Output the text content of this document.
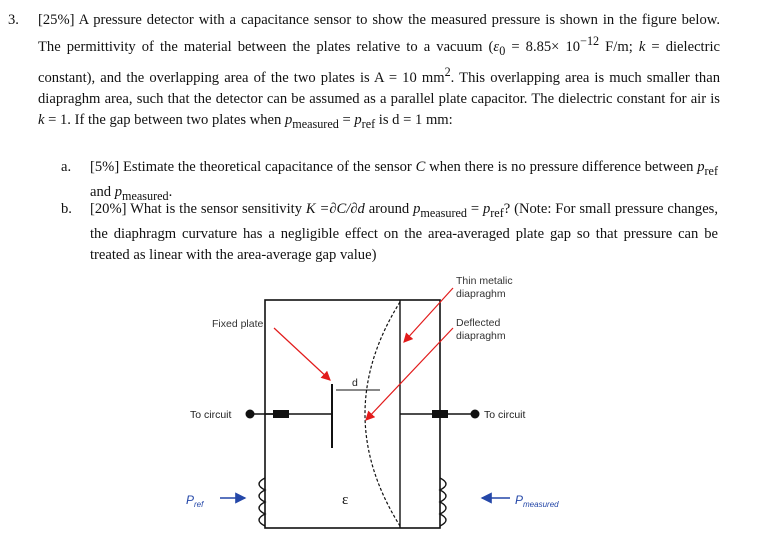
3. [25%] A pressure detector with a capacitance sensor to show the measured pressure is shown in the figure below. The permittivity of the material between the plates relative to a vacuum ($\varepsilon_0 = 8.85\times 10^{-12}$ F/m; k = dielectric constant), and the overlapping area of the two plates is A = 10 $mm^2$. This overlapping area is much smaller than diapraghm area, such that the detector can be assumed as a parallel plate capacitor. The dielectric constant for air is k = 1. If the gap between two plates when $p_{measured} = p_{ref}$ is d = 1 mm:
a. [5%] Estimate the theoretical capacitance of the sensor C when there is no pressure difference between $p_{ref}$ and $p_{measured}$.
b. [20%] What is the sensor sensitivity K =∂C/∂d around $p_{measured} = p_{ref}$? (Note: For small pressure changes, the diaphragm curvature has a negligible effect on the area-averaged plate gap so that pressure can be treated as linear with the area-average gap value)
d
Fixed plate
Thin metalic
diapraghm
Deflected
diapraghm
To circuit	To circuit
ε
$P_{ref}$	$P_{measured}$
